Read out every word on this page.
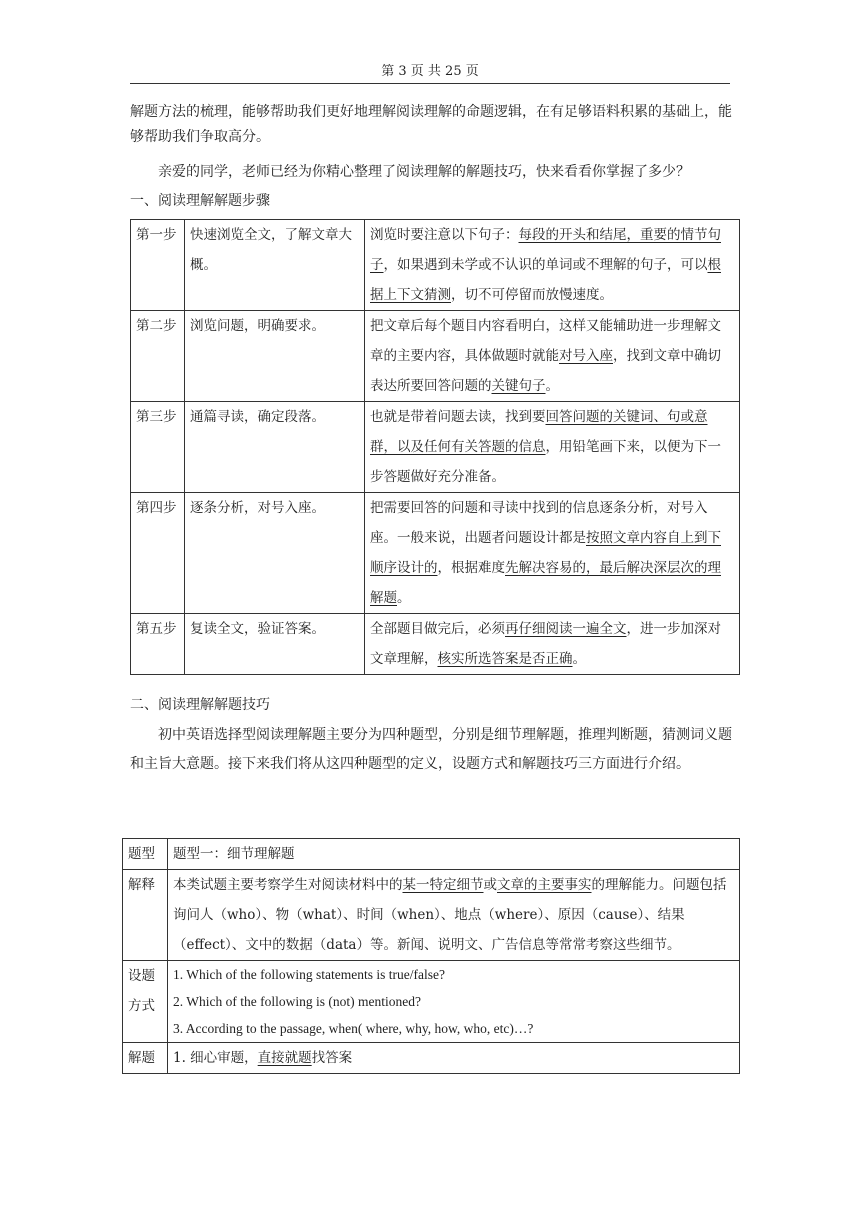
第 3 页 共 25 页
解题方法的梳理，能够帮助我们更好地理解阅读理解的命题逻辑，在有足够语料积累的基础上，能够帮助我们争取高分。
亲爱的同学，老师已经为你精心整理了阅读理解的解题技巧，快来看看你掌握了多少？
一、阅读理解解题步骤
第一步	快速浏览全文，了解文章大概。	浏览时要注意以下句子：每段的开头和结尾，重要的情节句子，如果遇到未学或不认识的单词或不理解的句子，可以根据上下文猜测，切不可停留而放慢速度。
第二步	浏览问题，明确要求。	把文章后每个题目内容看明白，这样又能辅助进一步理解文章的主要内容，具体做题时就能对号入座，找到文章中确切表达所要回答问题的关键句子。
第三步	通篇寻读，确定段落。	也就是带着问题去读，找到要回答问题的关键词、句或意群，以及任何有关答题的信息，用铅笔画下来，以便为下一步答题做好充分准备。
第四步	逐条分析，对号入座。	把需要回答的问题和寻读中找到的信息逐条分析，对号入座。一般来说，出题者问题设计都是按照文章内容自上到下顺序设计的，根据难度先解决容易的，最后解决深层次的理解题。
第五步	复读全文，验证答案。	全部题目做完后，必须再仔细阅读一遍全文，进一步加深对文章理解，核实所选答案是否正确。
二、阅读理解解题技巧
初中英语选择型阅读理解题主要分为四种题型，分别是细节理解题，推理判断题，猜测词义题和主旨大意题。接下来我们将从这四种题型的定义，设题方式和解题技巧三方面进行介绍。
题型	题型一：细节理解题
解释	本类试题主要考察学生对阅读材料中的某一特定细节或文章的主要事实的理解能力。问题包括询问人（who）、物（what）、时间（when）、地点（where）、原因（cause）、结果（effect）、文中的数据（data）等。新闻、说明文、广告信息等常常考察这些细节。
设题方式	1. Which of the following statements is true/false?
2. Which of the following is (not) mentioned?
3. According to the passage, when( where, why, how, who, etc)…?

解题	1. 细心审题，直接就题找答案
